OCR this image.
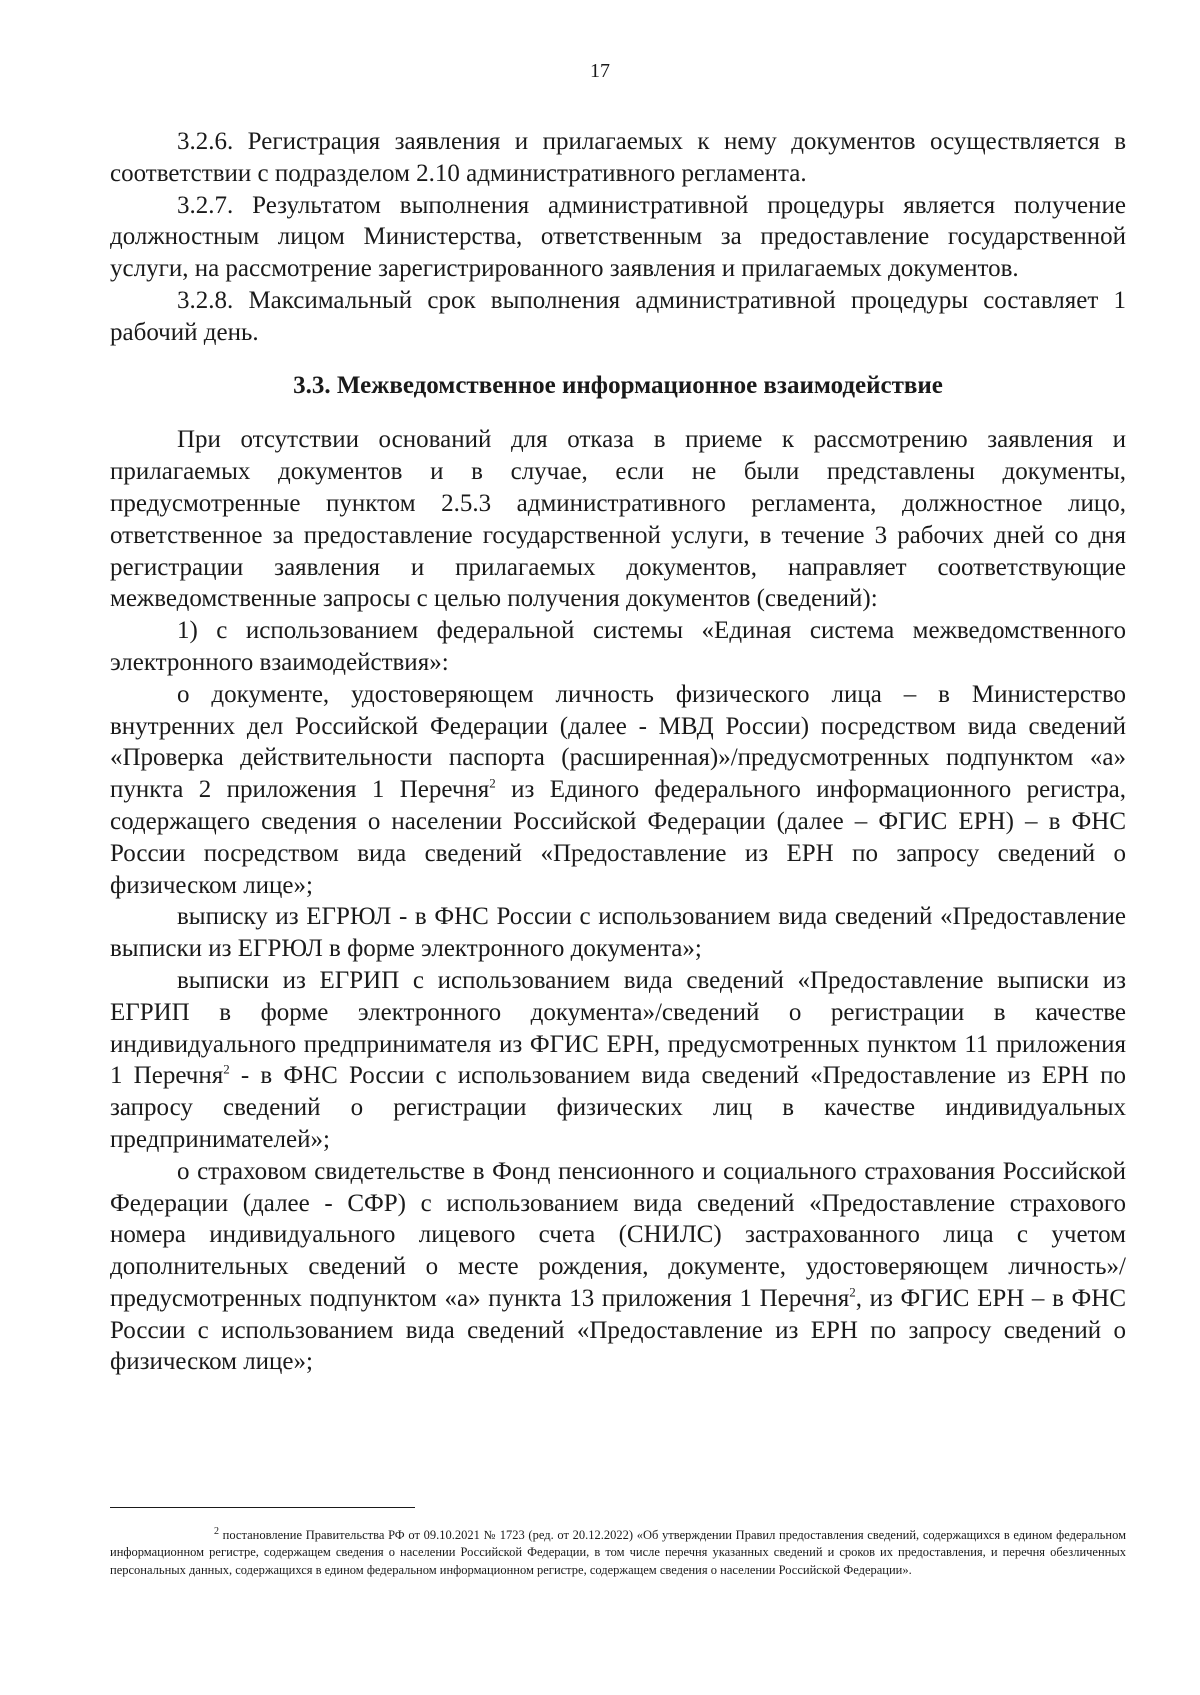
17

3.2.6. Регистрация заявления и прилагаемых к нему документов осуществляется в соответствии с подразделом 2.10 административного регламента.

3.2.7. Результатом выполнения административной процедуры является получение должностным лицом Министерства, ответственным за предоставление государственной услуги, на рассмотрение зарегистрированного заявления и прилагаемых документов.

3.2.8. Максимальный срок выполнения административной процедуры составляет 1 рабочий день.

3.3. Межведомственное информационное взаимодействие

При отсутствии оснований для отказа в приеме к рассмотрению заявления и прилагаемых документов и в случае, если не были представлены документы, предусмотренные пунктом 2.5.3 административного регламента, должностное лицо, ответственное за предоставление государственной услуги, в течение 3 рабочих дней со дня регистрации заявления и прилагаемых документов, направляет соответствующие межведомственные запросы с целью получения документов (сведений):

1) с использованием федеральной системы «Единая система межведомственного электронного взаимодействия»:

о документе, удостоверяющем личность физического лица – в Министерство внутренних дел Российской Федерации (далее - МВД России) посредством вида сведений «Проверка действительности паспорта (расширенная)»/предусмотренных подпунктом «а» пункта 2 приложения 1 Перечня$^2$ из Единого федерального информационного регистра, содержащего сведения о населении Российской Федерации (далее – ФГИС ЕРН) – в ФНС России посредством вида сведений «Предоставление из ЕРН по запросу сведений о физическом лице»;

выписку из ЕГРЮЛ - в ФНС России с использованием вида сведений «Предоставление выписки из ЕГРЮЛ в форме электронного документа»;

выписки из ЕГРИП с использованием вида сведений «Предоставление выписки из ЕГРИП в форме электронного документа»/сведений о регистрации в качестве индивидуального предпринимателя из ФГИС ЕРН, предусмотренных пунктом 11 приложения 1 Перечня$^2$ - в ФНС России с использованием вида сведений «Предоставление из ЕРН по запросу сведений о регистрации физических лиц в качестве индивидуальных предпринимателей»;

о страховом свидетельстве в Фонд пенсионного и социального страхования Российской Федерации (далее - СФР) с использованием вида сведений «Предоставление страхового номера индивидуального лицевого счета (СНИЛС) застрахованного лица с учетом дополнительных сведений о месте рождения, документе, удостоверяющем личность»/предусмотренных подпунктом «а» пункта 13 приложения 1 Перечня$^2$, из ФГИС ЕРН – в ФНС России с использованием вида сведений «Предоставление из ЕРН по запросу сведений о физическом лице»;

$^2$ постановление Правительства РФ от 09.10.2021 № 1723 (ред. от 20.12.2022) «Об утверждении Правил предоставления сведений, содержащихся в едином федеральном информационном регистре, содержащем сведения о населении Российской Федерации, в том числе перечня указанных сведений и сроков их предоставления, и перечня обезличенных персональных данных, содержащихся в едином федеральном информационном регистре, содержащем сведения о населении Российской Федерации».
